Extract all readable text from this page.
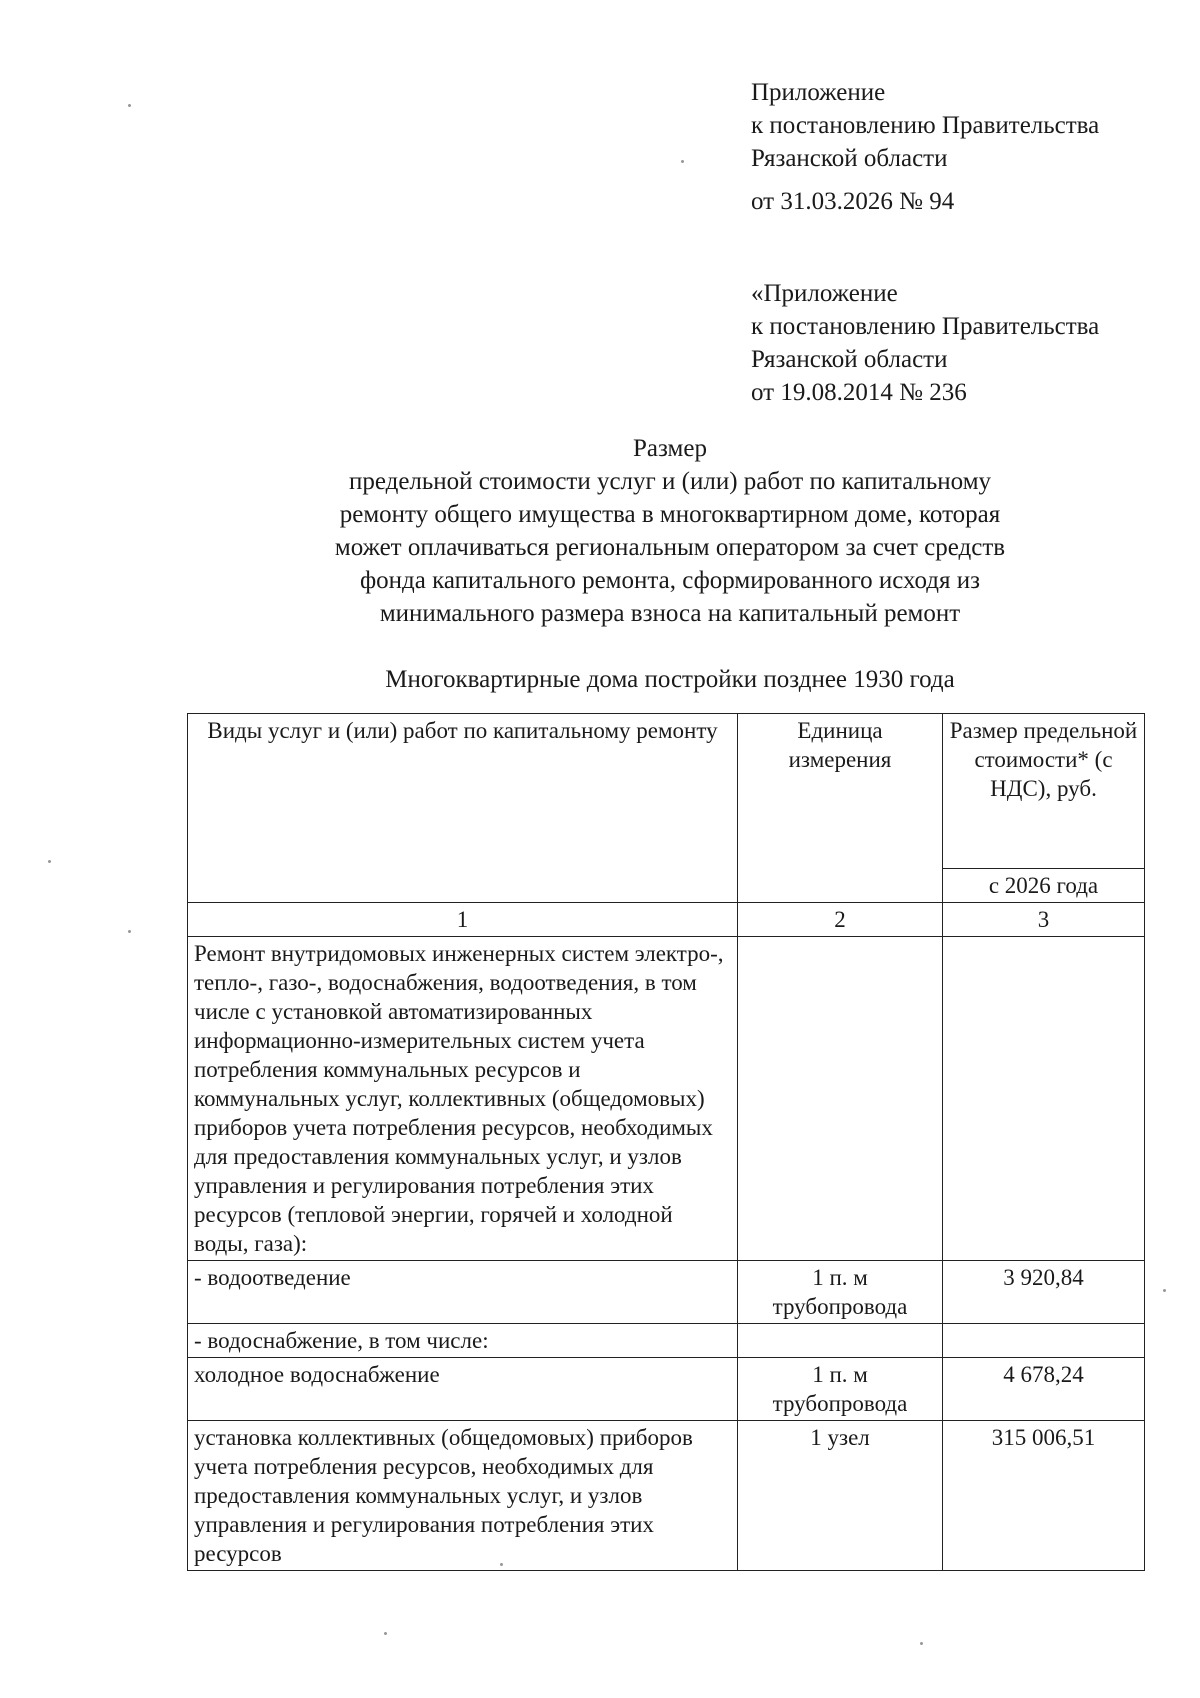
Приложение
к постановлению Правительства
Рязанской области
от 31.03.2026 № 94
«Приложение
к постановлению Правительства
Рязанской области
от 19.08.2014 № 236
Размер
предельной стоимости услуг и (или) работ по капитальному
ремонту общего имущества в многоквартирном доме, которая
может оплачиваться региональным оператором за счет средств
фонда капитального ремонта, сформированного исходя из
минимального размера взноса на капитальный ремонт
Многоквартирные дома постройки позднее 1930 года
Виды услуг и (или) работ по капитальному ремонту	Единица измерения	Размер предельной стоимости* (с НДС), руб.
		с 2026 года
1	2	3
Ремонт внутридомовых инженерных систем электро-, тепло-, газо-, водоснабжения, водоотведения, в том числе с установкой автоматизированных информационно-измерительных систем учета потребления коммунальных ресурсов и коммунальных услуг, коллективных (общедомовых) приборов учета потребления ресурсов, необходимых для предоставления коммунальных услуг, и узлов управления и регулирования потребления этих ресурсов (тепловой энергии, горячей и холодной воды, газа):		
- водоотведение	1 п. м трубопровода	3 920,84
- водоснабжение, в том числе:		
холодное водоснабжение	1 п. м трубопровода	4 678,24
установка коллективных (общедомовых) приборов учета потребления ресурсов, необходимых для предоставления коммунальных услуг, и узлов управления и регулирования потребления этих ресурсов	1 узел	315 006,51
